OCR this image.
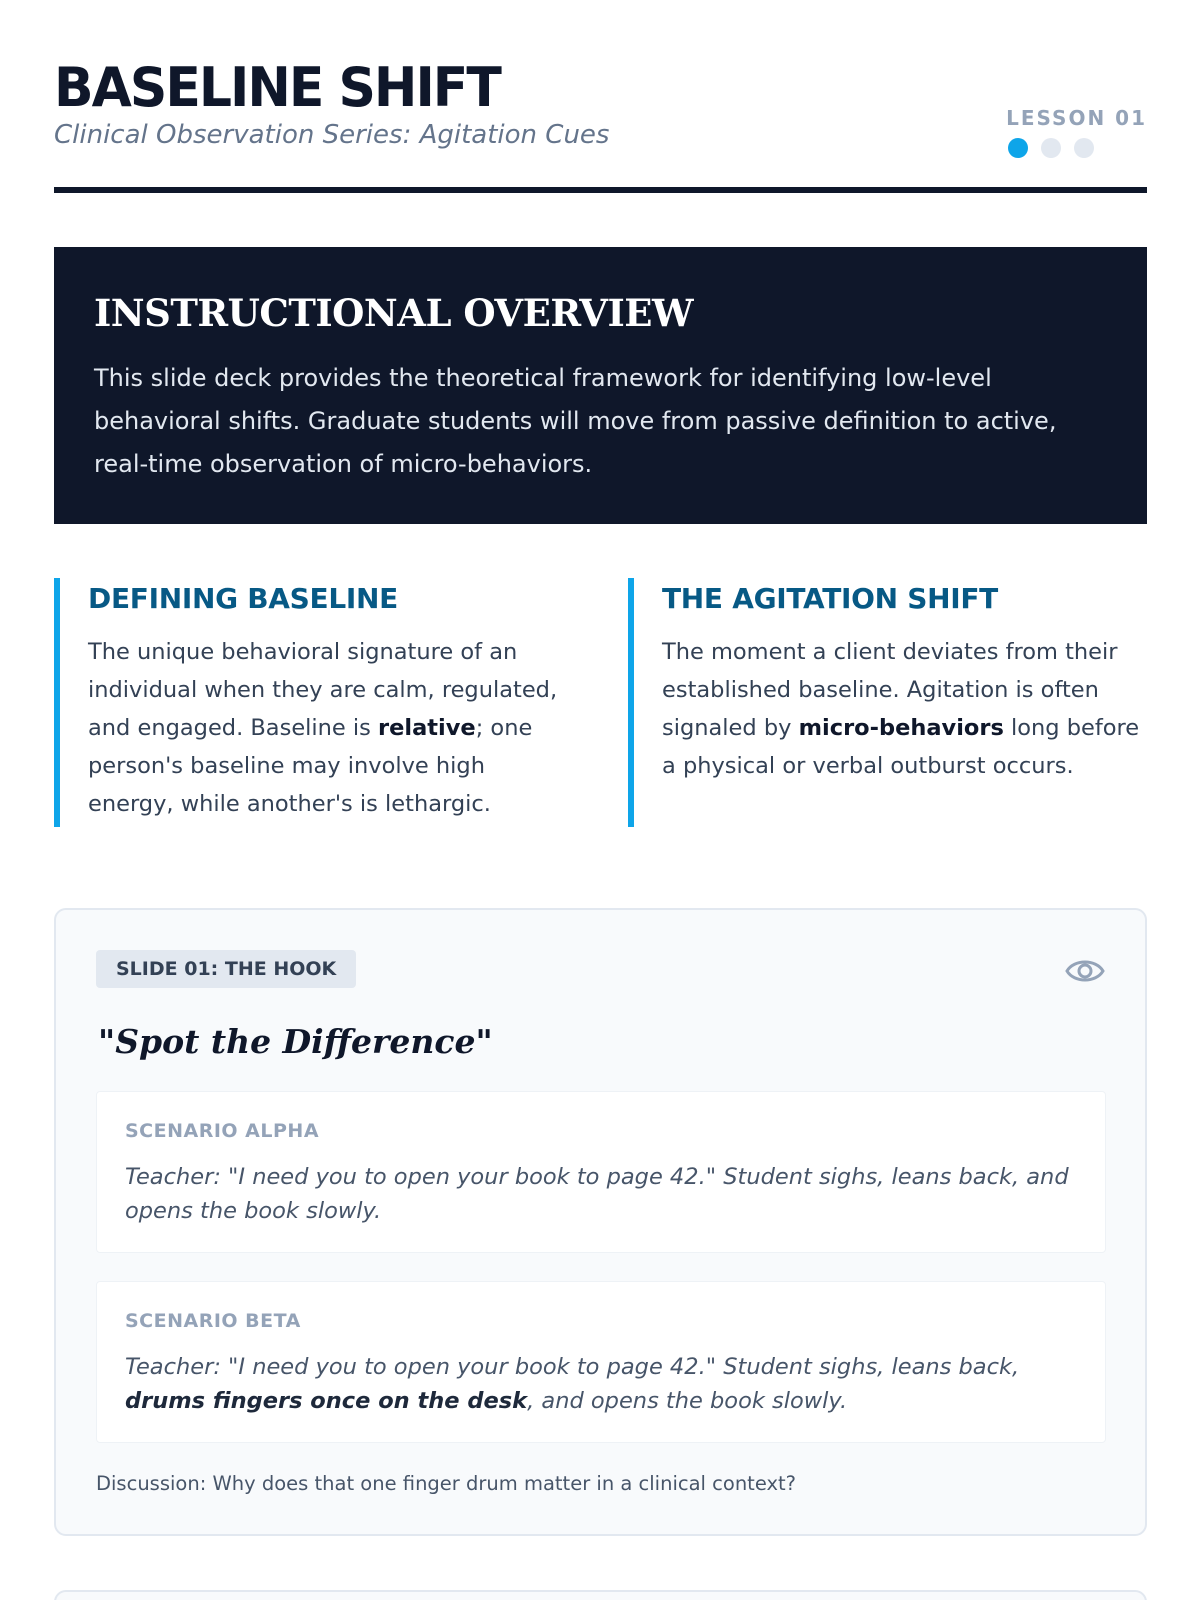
BASELINE SHIFT
Clinical Observation Series: Agitation Cues
LESSON 01
INSTRUCTIONAL OVERVIEW

This slide deck provides the theoretical framework for identifying low-level behavioral shifts. Graduate students will move from passive definition to active, real-time observation of micro-behaviors.

DEFINING BASELINE

The unique behavioral signature of an individual when they are calm, regulated, and engaged. Baseline is relative; one person's baseline may involve high energy, while another's is lethargic.

THE AGITATION SHIFT

The moment a client deviates from their established baseline. Agitation is often signaled by micro-behaviors long before a physical or verbal outburst occurs.

SLIDE 01: THE HOOK
"Spot the Difference"
SCENARIO ALPHA
Teacher: "I need you to open your book to page 42." Student sighs, leans back, and opens the book slowly.
SCENARIO BETA
Teacher: "I need you to open your book to page 42." Student sighs, leans back, drums fingers once on the desk, and opens the book slowly.
Discussion: Why does that one finger drum matter in a clinical context?
